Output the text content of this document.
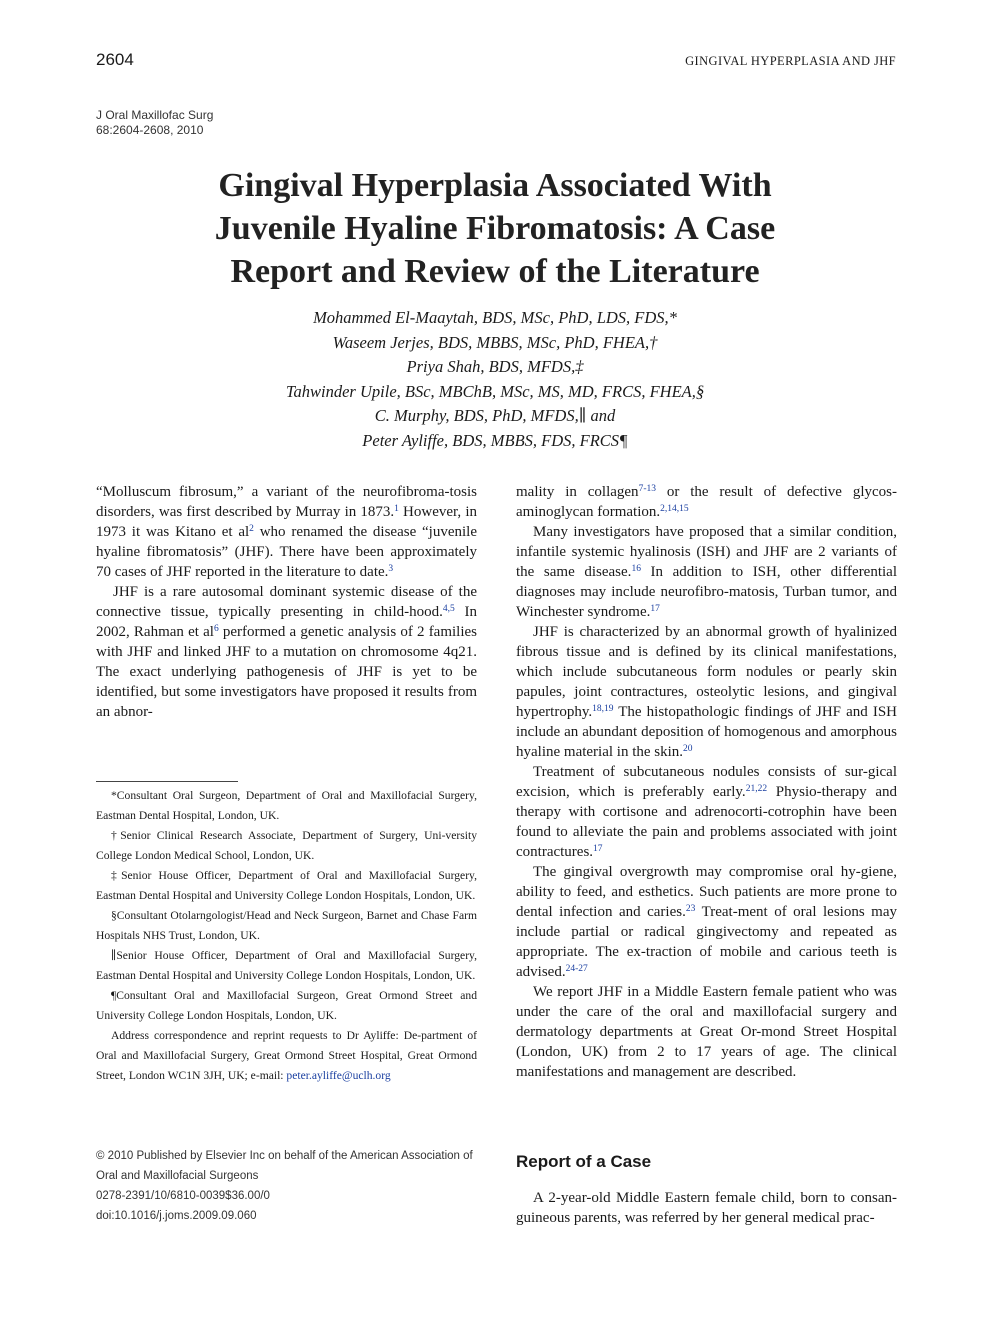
2604	GINGIVAL HYPERPLASIA AND JHF
J Oral Maxillofac Surg
68:2604-2608, 2010
Gingival Hyperplasia Associated With
Juvenile Hyaline Fibromatosis: A Case
Report and Review of the Literature
Mohammed El-Maaytah, BDS, MSc, PhD, LDS, FDS,*
Waseem Jerjes, BDS, MBBS, MSc, PhD, FHEA,†
Priya Shah, BDS, MFDS,‡
Tahwinder Upile, BSc, MBChB, MSc, MS, MD, FRCS, FHEA,§
C. Murphy, BDS, PhD, MFDS,∥ and
Peter Ayliffe, BDS, MBBS, FDS, FRCS¶

“Molluscum fibrosum,” a variant of the neurofibroma-tosis disorders, was first described by Murray in 1873.$^1$ However, in 1973 it was Kitano et $al^2$ who renamed the disease “juvenile hyaline fibromatosis” (JHF). There have been approximately 70 cases of JHF reported in the literature to date.$^3$

JHF is a rare autosomal dominant systemic disease of the connective tissue, typically presenting in child-hood.$^{4,5}$ In 2002, Rahman et $al^6$ performed a genetic analysis of 2 families with JHF and linked JHF to a mutation on chromosome 4q21. The exact underlying pathogenesis of JHF is yet to be identified, but some investigators have proposed it results from an abnor-

*Consultant Oral Surgeon, Department of Oral and Maxillofacial Surgery, Eastman Dental Hospital, London, UK.

†Senior Clinical Research Associate, Department of Surgery, Uni-versity College London Medical School, London, UK.

‡Senior House Officer, Department of Oral and Maxillofacial Surgery, Eastman Dental Hospital and University College London Hospitals, London, UK.

§Consultant Otolarngologist/Head and Neck Surgeon, Barnet and Chase Farm Hospitals NHS Trust, London, UK.

∥Senior House Officer, Department of Oral and Maxillofacial Surgery, Eastman Dental Hospital and University College London Hospitals, London, UK.

¶Consultant Oral and Maxillofacial Surgeon, Great Ormond Street and University College London Hospitals, London, UK.

Address correspondence and reprint requests to Dr Ayliffe: De-partment of Oral and Maxillofacial Surgery, Great Ormond Street Hospital, Great Ormond Street, London WC1N 3JH, UK; e-mail: peter.ayliffe@uclh.org

© 2010 Published by Elsevier Inc on behalf of the American Association of Oral and Maxillofacial Surgeons
0278-2391/10/6810-0039$36.00/0
doi:10.1016/j.joms.2009.09.060

mality in collagen$^{7-13}$ or the result of defective glycos-aminoglycan formation.$^{2,14,15}$

Many investigators have proposed that a similar condition, infantile systemic hyalinosis (ISH) and JHF are 2 variants of the same disease.$^{16}$ In addition to ISH, other differential diagnoses may include neurofibro-matosis, Turban tumor, and Winchester syndrome.$^{17}$

JHF is characterized by an abnormal growth of hyalinized fibrous tissue and is defined by its clinical manifestations, which include subcutaneous form nodules or pearly skin papules, joint contractures, osteolytic lesions, and gingival hypertrophy.$^{18,19}$ The histopathologic findings of JHF and ISH include an abundant deposition of homogenous and amorphous hyaline material in the skin.$^{20}$

Treatment of subcutaneous nodules consists of sur-gical excision, which is preferably early.$^{21,22}$ Physio-therapy and therapy with cortisone and adrenocorti-cotrophin have been found to alleviate the pain and problems associated with joint contractures.$^{17}$

The gingival overgrowth may compromise oral hy-giene, ability to feed, and esthetics. Such patients are more prone to dental infection and caries.$^{23}$ Treat-ment of oral lesions may include partial or radical gingivectomy and repeated as appropriate. The ex-traction of mobile and carious teeth is advised.$^{24-27}$

We report JHF in a Middle Eastern female patient who was under the care of the oral and maxillofacial surgery and dermatology departments at Great Or-mond Street Hospital (London, UK) from 2 to 17 years of age. The clinical manifestations and management are described.

Report of a Case

A 2-year-old Middle Eastern female child, born to consan-guineous parents, was referred by her general medical prac-
